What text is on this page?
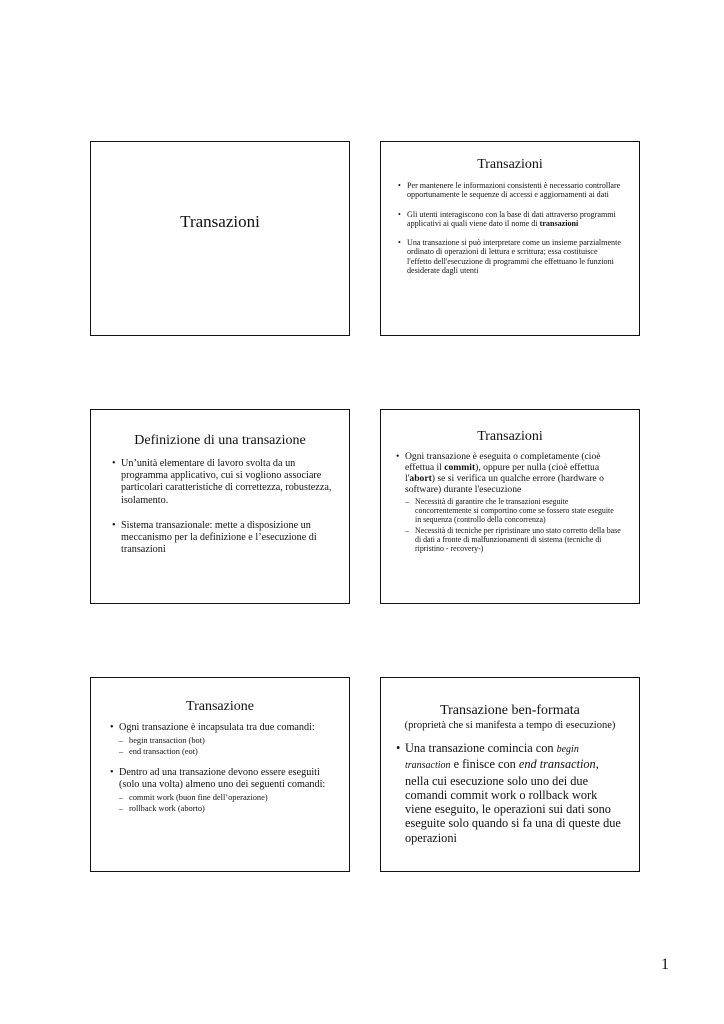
Transazioni
Transazioni
• Per mantenere le informazioni consistenti è necessario controllare opportunamente le sequenze di accessi e aggiornamenti ai dati
• Gli utenti interagiscono con la base di dati attraverso programmi applicativi ai quali viene dato il nome di transazioni
• Una transazione si può interpretare come un insieme parzialmente ordinato di operazioni di lettura e scrittura; essa costituisce l'effetto dell'esecuzione di programmi che effettuano le funzioni desiderate dagli utenti
Definizione di una transazione
• Un’unità elementare di lavoro svolta da un programma applicativo, cui si vogliono associare particolari caratteristiche di correttezza, robustezza, isolamento.
• Sistema transazionale: mette a disposizione un meccanismo per la definizione e l’esecuzione di transazioni
Transazioni
• Ogni transazione è eseguita o completamente (cioè effettua il commit), oppure per nulla (cioè effettua l'abort) se si verifica un qualche errore (hardware o software) durante l'esecuzione
– Necessità di garantire che le transazioni eseguite concorrentemente si comportino come se fossero state eseguite in sequenza (controllo della concorrenza)
– Necessità di tecniche per ripristinare uno stato corretto della base di dati a fronte di malfunzionamenti di sistema (tecniche di ripristino - recovery-)
Transazione
• Ogni transazione è incapsulata tra due comandi:
– begin transaction (bot)
– end transaction (eot)
• Dentro ad una transazione devono essere eseguiti (solo una volta) almeno uno dei seguenti comandi:
– commit work (buon fine dell’operazione)
– rollback work (aborto)
Transazione ben-formata
(proprietà che si manifesta a tempo di esecuzione)
• Una transazione comincia con begin transaction e finisce con end transaction, nella cui esecuzione solo uno dei due comandi commit work o rollback work viene eseguito, le operazioni sui dati sono eseguite solo quando si fa una di queste due operazioni
1
